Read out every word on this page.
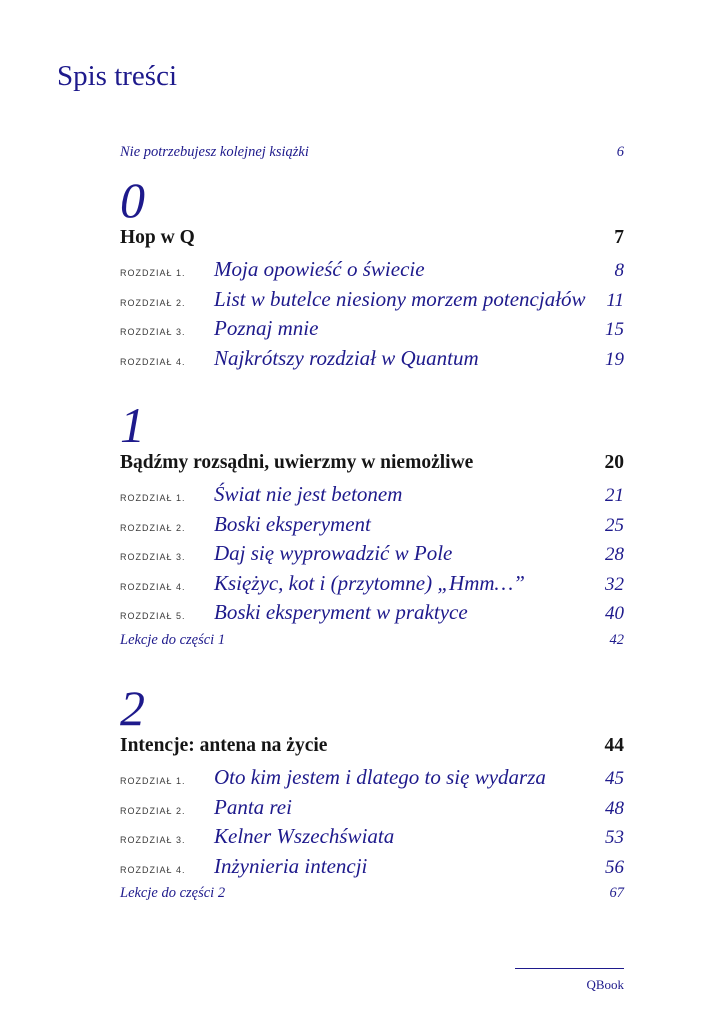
Spis treści
Nie potrzebujesz kolejnej książki	6
0
Hop w Q	7
ROZDZIAŁ 1.	Moja opowieść o świecie	8
ROZDZIAŁ 2.	List w butelce niesiony morzem potencjałów	11
ROZDZIAŁ 3.	Poznaj mnie	15
ROZDZIAŁ 4.	Najkrótszy rozdział w Quantum	19
1
Bądźmy rozsądni, uwierzmy w niemożliwe	20
ROZDZIAŁ 1.	Świat nie jest betonem	21
ROZDZIAŁ 2.	Boski eksperyment	25
ROZDZIAŁ 3.	Daj się wyprowadzić w Pole	28
ROZDZIAŁ 4.	Księżyc, kot i (przytomne) „Hmm…”	32
ROZDZIAŁ 5.	Boski eksperyment w praktyce	40
Lekcje do części 1	42
2
Intencje: antena na życie	44
ROZDZIAŁ 1.	Oto kim jestem i dlatego to się wydarza	45
ROZDZIAŁ 2.	Panta rei	48
ROZDZIAŁ 3.	Kelner Wszechświata	53
ROZDZIAŁ 4.	Inżynieria intencji	56
Lekcje do części 2	67
QBook
